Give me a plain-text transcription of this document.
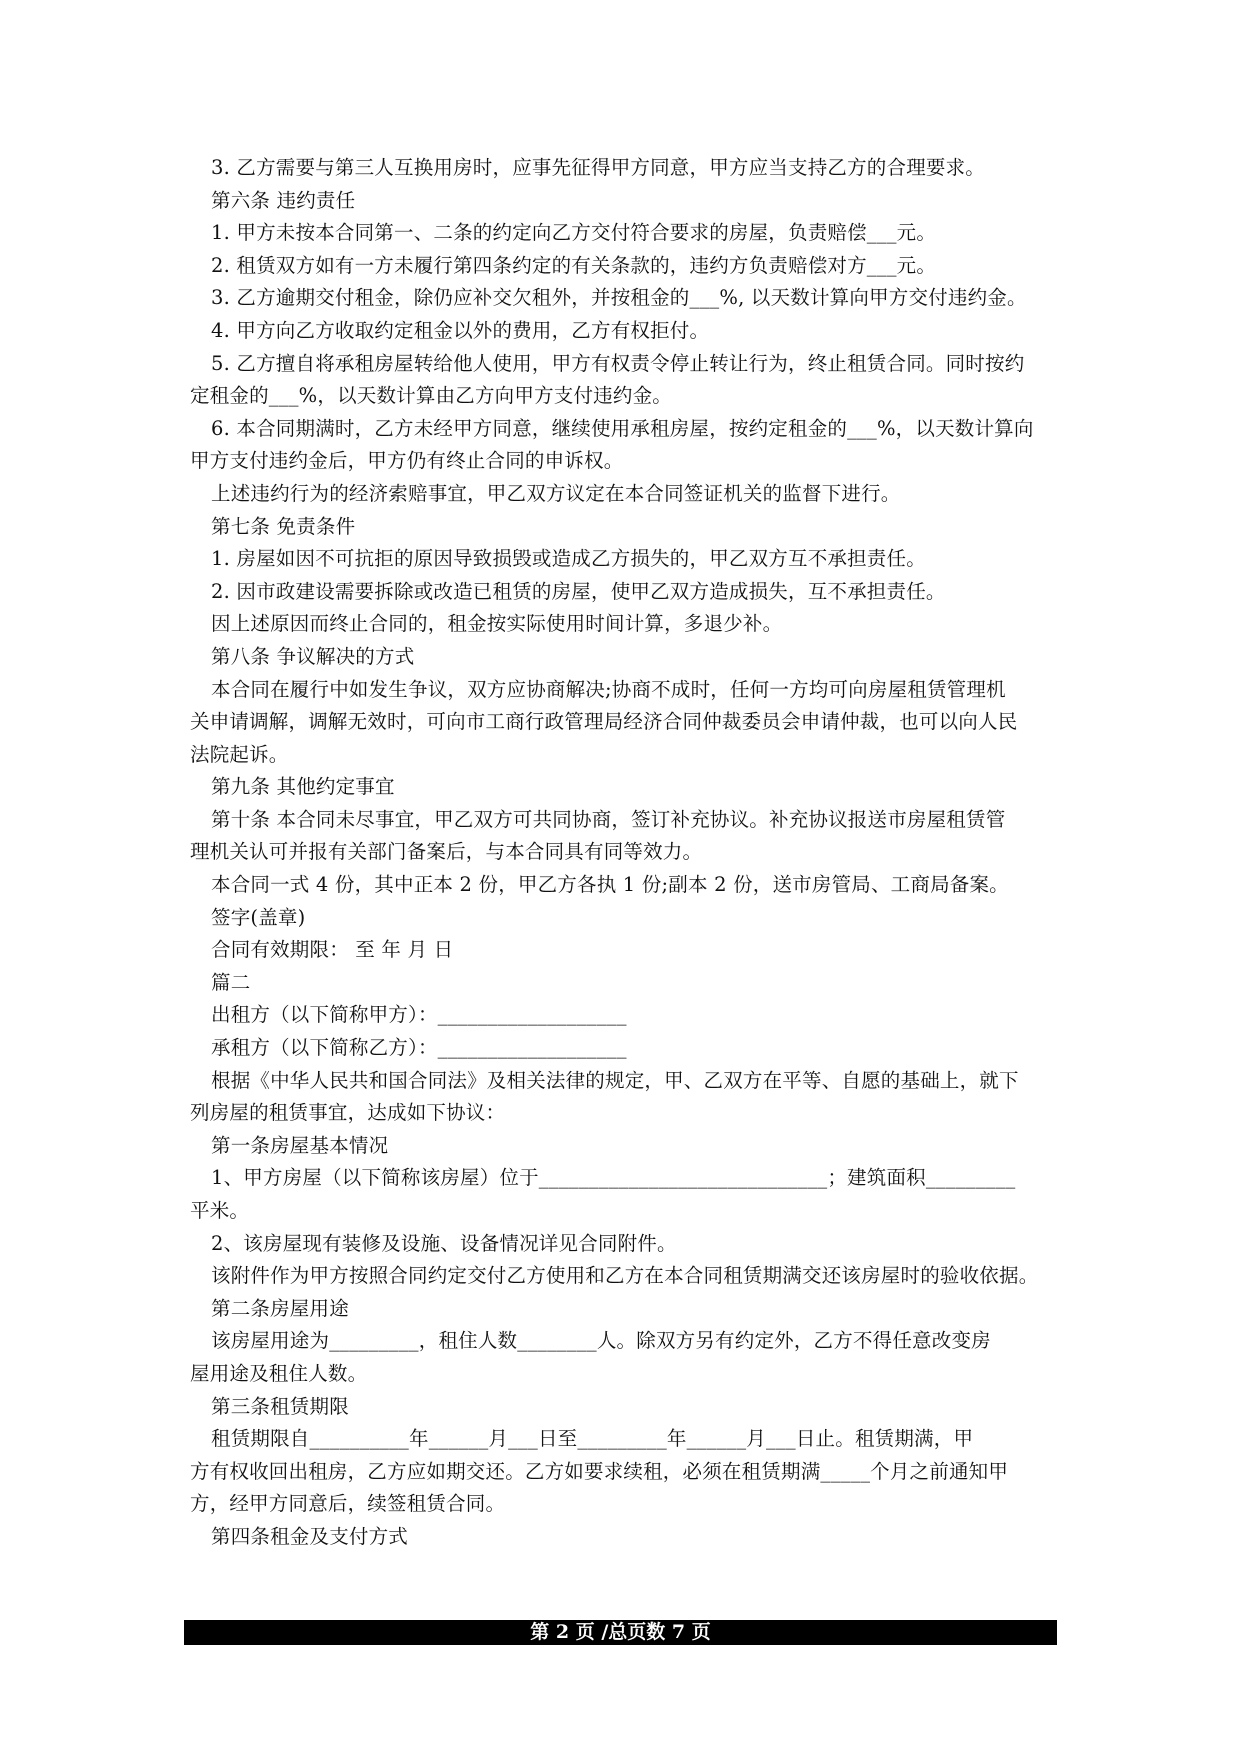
3. 乙方需要与第三人互换用房时，应事先征得甲方同意，甲方应当支持乙方的合理要求。
第六条 违约责任
1. 甲方未按本合同第一、二条的约定向乙方交付符合要求的房屋，负责赔偿___元。
2. 租赁双方如有一方未履行第四条约定的有关条款的，违约方负责赔偿对方___元。
3. 乙方逾期交付租金，除仍应补交欠租外，并按租金的___%, 以天数计算向甲方交付违约金。
4. 甲方向乙方收取约定租金以外的费用，乙方有权拒付。
5. 乙方擅自将承租房屋转给他人使用，甲方有权责令停止转让行为，终止租赁合同。同时按约
定租金的___%，以天数计算由乙方向甲方支付违约金。
6. 本合同期满时，乙方未经甲方同意，继续使用承租房屋，按约定租金的___%，以天数计算向
甲方支付违约金后，甲方仍有终止合同的申诉权。
上述违约行为的经济索赔事宜，甲乙双方议定在本合同签证机关的监督下进行。
第七条 免责条件
1. 房屋如因不可抗拒的原因导致损毁或造成乙方损失的，甲乙双方互不承担责任。
2. 因市政建设需要拆除或改造已租赁的房屋，使甲乙双方造成损失，互不承担责任。
因上述原因而终止合同的，租金按实际使用时间计算，多退少补。
第八条 争议解决的方式
本合同在履行中如发生争议，双方应协商解决;协商不成时，任何一方均可向房屋租赁管理机
关申请调解，调解无效时，可向市工商行政管理局经济合同仲裁委员会申请仲裁，也可以向人民
法院起诉。
第九条 其他约定事宜
第十条 本合同未尽事宜，甲乙双方可共同协商，签订补充协议。补充协议报送市房屋租赁管
理机关认可并报有关部门备案后，与本合同具有同等效力。
本合同一式 4 份，其中正本 2 份，甲乙方各执 1 份;副本 2 份，送市房管局、工商局备案。
签字(盖章)
合同有效期限： 至 年 月 日
篇二
出租方（以下简称甲方）：___________________
承租方（以下简称乙方）：___________________
根据《中华人民共和国合同法》及相关法律的规定，甲、乙双方在平等、自愿的基础上，就下
列房屋的租赁事宜，达成如下协议：
第一条房屋基本情况
1、甲方房屋（以下简称该房屋）位于_____________________________；建筑面积_________
平米。
2、该房屋现有装修及设施、设备情况详见合同附件。
该附件作为甲方按照合同约定交付乙方使用和乙方在本合同租赁期满交还该房屋时的验收依据。
第二条房屋用途
该房屋用途为_________，租住人数________人。除双方另有约定外，乙方不得任意改变房
屋用途及租住人数。
第三条租赁期限
租赁期限自__________年______月___日至_________年______月___日止。租赁期满，甲
方有权收回出租房，乙方应如期交还。乙方如要求续租，必须在租赁期满_____个月之前通知甲
方，经甲方同意后，续签租赁合同。
第四条租金及支付方式
第 2 页 /总页数 7 页
